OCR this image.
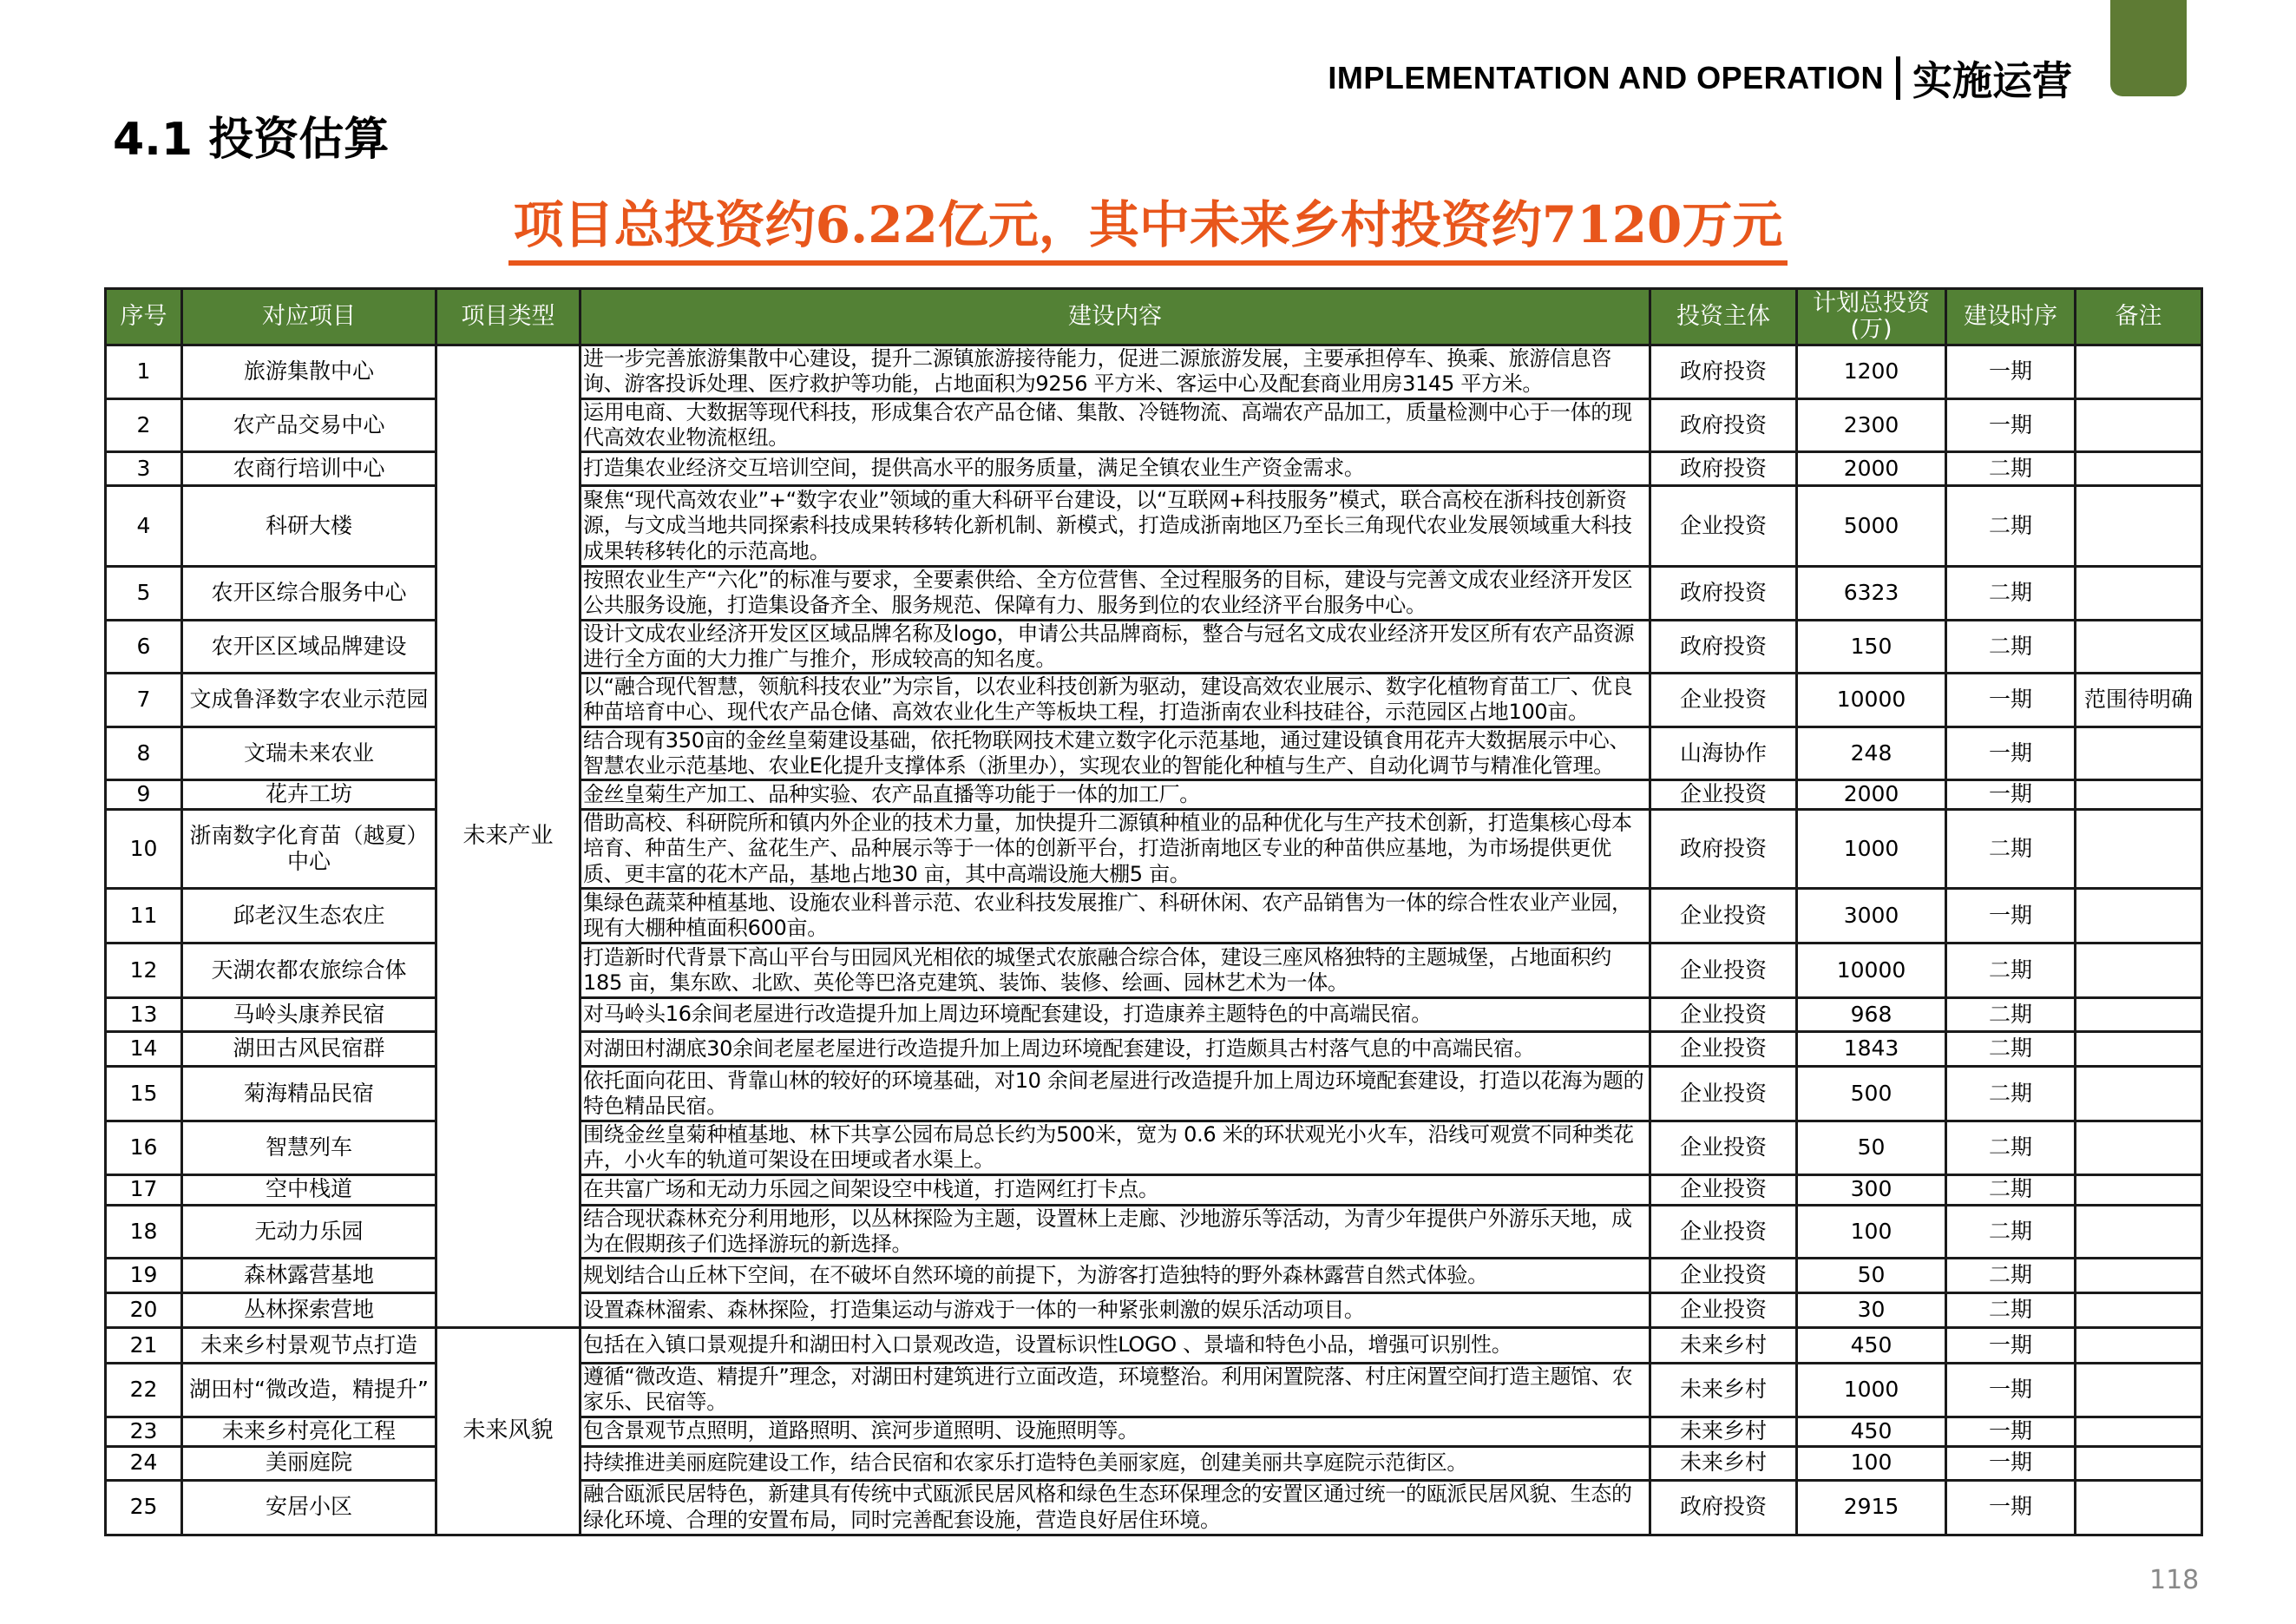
IMPLEMENTATION AND OPERATION 实施运营
4.1 投资估算
项目总投资约6.22亿元，其中未来乡村投资约7120万元
序号	对应项目	项目类型	建设内容	投资主体	计划总投资(万)	建设时序	备注
1	旅游集散中心	未来产业	进一步完善旅游集散中心建设，提升二源镇旅游接待能力，促进二源旅游发展，主要承担停车、换乘、旅游信息咨询、游客投诉处理、医疗救护等功能，占地面积为9256 平方米、客运中心及配套商业用房3145 平方米。	政府投资	1200	一期	
2	农产品交易中心		运用电商、大数据等现代科技，形成集合农产品仓储、集散、冷链物流、高端农产品加工，质量检测中心于一体的现代高效农业物流枢纽。	政府投资	2300	一期	
3	农商行培训中心		打造集农业经济交互培训空间，提供高水平的服务质量，满足全镇农业生产资金需求。	政府投资	2000	二期	
4	科研大楼		聚焦“现代高效农业”+“数字农业”领域的重大科研平台建设，以“互联网+科技服务”模式，联合高校在浙科技创新资源，与文成当地共同探索科技成果转移转化新机制、新模式，打造成浙南地区乃至长三角现代农业发展领域重大科技成果转移转化的示范高地。	企业投资	5000	二期	
5	农开区综合服务中心		按照农业生产“六化”的标准与要求，全要素供给、全方位营售、全过程服务的目标，建设与完善文成农业经济开发区公共服务设施，打造集设备齐全、服务规范、保障有力、服务到位的农业经济平台服务中心。	政府投资	6323	二期	
6	农开区区域品牌建设		设计文成农业经济开发区区域品牌名称及logo，申请公共品牌商标，整合与冠名文成农业经济开发区所有农产品资源进行全方面的大力推广与推介，形成较高的知名度。	政府投资	150	二期	
7	文成鲁泽数字农业示范园		以“融合现代智慧，领航科技农业”为宗旨，以农业科技创新为驱动，建设高效农业展示、数字化植物育苗工厂、优良种苗培育中心、现代农产品仓储、高效农业化生产等板块工程，打造浙南农业科技硅谷，示范园区占地100亩。	企业投资	10000	一期	范围待明确
8	文瑞未来农业		结合现有350亩的金丝皇菊建设基础，依托物联网技术建立数字化示范基地，通过建设镇食用花卉大数据展示中心、智慧农业示范基地、农业E化提升支撑体系（浙里办），实现农业的智能化种植与生产、自动化调节与精准化管理。	山海协作	248	一期	
9	花卉工坊		金丝皇菊生产加工、品种实验、农产品直播等功能于一体的加工厂。	企业投资	2000	一期	
10	浙南数字化育苗（越夏）中心		借助高校、科研院所和镇内外企业的技术力量，加快提升二源镇种植业的品种优化与生产技术创新，打造集核心母本培育、种苗生产、盆花生产、品种展示等于一体的创新平台，打造浙南地区专业的种苗供应基地，为市场提供更优质、更丰富的花木产品，基地占地30 亩，其中高端设施大棚5 亩。	政府投资	1000	二期	
11	邱老汉生态农庄		集绿色蔬菜种植基地、设施农业科普示范、农业科技发展推广、科研休闲、农产品销售为一体的综合性农业产业园，现有大棚种植面积600亩。	企业投资	3000	一期	
12	天湖农都农旅综合体		打造新时代背景下高山平台与田园风光相依的城堡式农旅融合综合体，建设三座风格独特的主题城堡，占地面积约185 亩，集东欧、北欧、英伦等巴洛克建筑、装饰、装修、绘画、园林艺术为一体。	企业投资	10000	二期	
13	马岭头康养民宿		对马岭头16余间老屋进行改造提升加上周边环境配套建设，打造康养主题特色的中高端民宿。	企业投资	968	二期	
14	湖田古风民宿群		对湖田村湖底30余间老屋老屋进行改造提升加上周边环境配套建设，打造颇具古村落气息的中高端民宿。	企业投资	1843	二期	
15	菊海精品民宿		依托面向花田、背靠山林的较好的环境基础，对10 余间老屋进行改造提升加上周边环境配套建设，打造以花海为题的特色精品民宿。	企业投资	500	二期	
16	智慧列车		围绕金丝皇菊种植基地、林下共享公园布局总长约为500米，宽为 0.6 米的环状观光小火车，沿线可观赏不同种类花卉，小火车的轨道可架设在田埂或者水渠上。	企业投资	50	二期	
17	空中栈道		在共富广场和无动力乐园之间架设空中栈道，打造网红打卡点。	企业投资	300	二期	
18	无动力乐园		结合现状森林充分利用地形，以丛林探险为主题，设置林上走廊、沙地游乐等活动，为青少年提供户外游乐天地，成为在假期孩子们选择游玩的新选择。	企业投资	100	二期	
19	森林露营基地		规划结合山丘林下空间，在不破坏自然环境的前提下，为游客打造独特的野外森林露营自然式体验。	企业投资	50	二期	
20	丛林探索营地		设置森林溜索、森林探险，打造集运动与游戏于一体的一种紧张刺激的娱乐活动项目。	企业投资	30	二期	
21	未来乡村景观节点打造	未来风貌	包括在入镇口景观提升和湖田村入口景观改造，设置标识性LOGO 、景墙和特色小品，增强可识别性。	未来乡村	450	一期	
22	湖田村“微改造，精提升”		遵循“微改造、精提升”理念，对湖田村建筑进行立面改造，环境整治。利用闲置院落、村庄闲置空间打造主题馆、农家乐、民宿等。	未来乡村	1000	一期	
23	未来乡村亮化工程		包含景观节点照明，道路照明、滨河步道照明、设施照明等。	未来乡村	450	一期	
24	美丽庭院		持续推进美丽庭院建设工作，结合民宿和农家乐打造特色美丽家庭，创建美丽共享庭院示范街区。	未来乡村	100	一期	
25	安居小区		融合瓯派民居特色，新建具有传统中式瓯派民居风格和绿色生态环保理念的安置区通过统一的瓯派民居风貌、生态的绿化环境、合理的安置布局，同时完善配套设施，营造良好居住环境。	政府投资	2915	一期	
118
